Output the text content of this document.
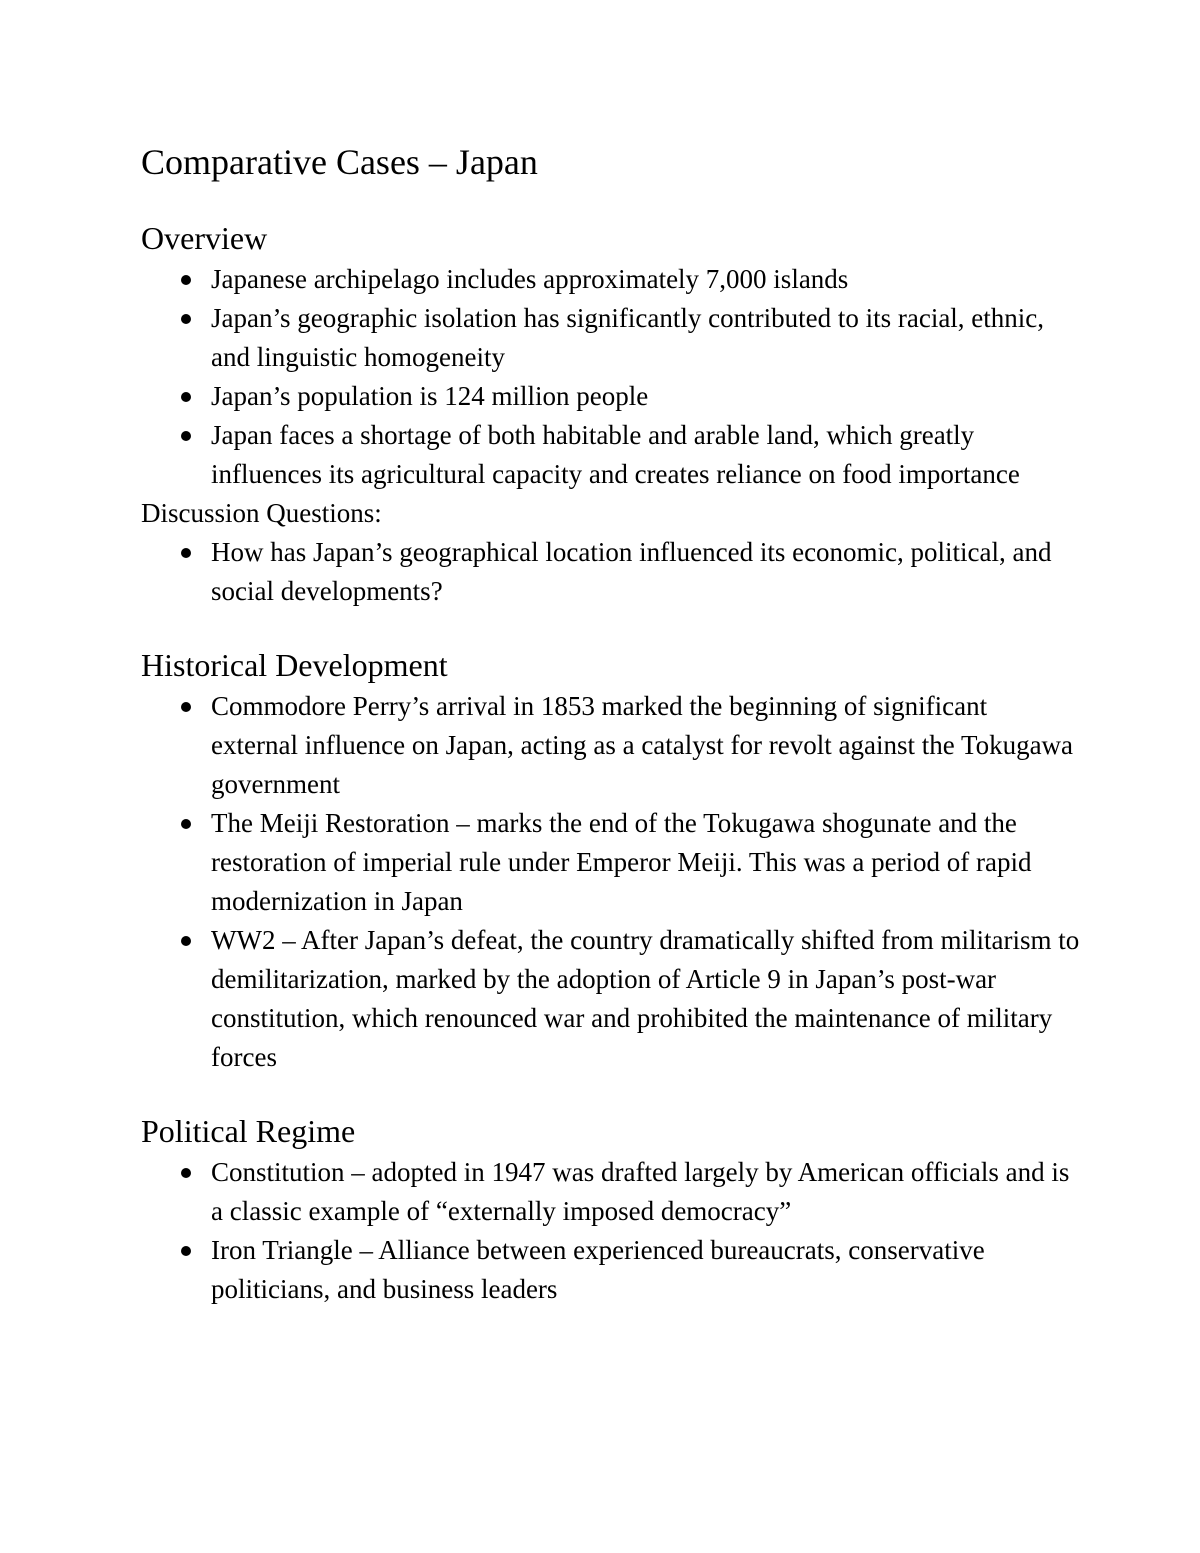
Comparative Cases – Japan
Overview
Japanese archipelago includes approximately 7,000 islands
Japan’s geographic isolation has significantly contributed to its racial, ethnic, and linguistic homogeneity
Japan’s population is 124 million people
Japan faces a shortage of both habitable and arable land, which greatly influences its agricultural capacity and creates reliance on food importance

Discussion Questions:

How has Japan’s geographical location influenced its economic, political, and social developments?
Historical Development
Commodore Perry’s arrival in 1853 marked the beginning of significant external influence on Japan, acting as a catalyst for revolt against the Tokugawa government
The Meiji Restoration – marks the end of the Tokugawa shogunate and the restoration of imperial rule under Emperor Meiji. This was a period of rapid modernization in Japan
WW2 – After Japan’s defeat, the country dramatically shifted from militarism to demilitarization, marked by the adoption of Article 9 in Japan’s post-war constitution, which renounced war and prohibited the maintenance of military forces
Political Regime
Constitution – adopted in 1947 was drafted largely by American officials and is a classic example of “externally imposed democracy”
Iron Triangle – Alliance between experienced bureaucrats, conservative politicians, and business leaders
